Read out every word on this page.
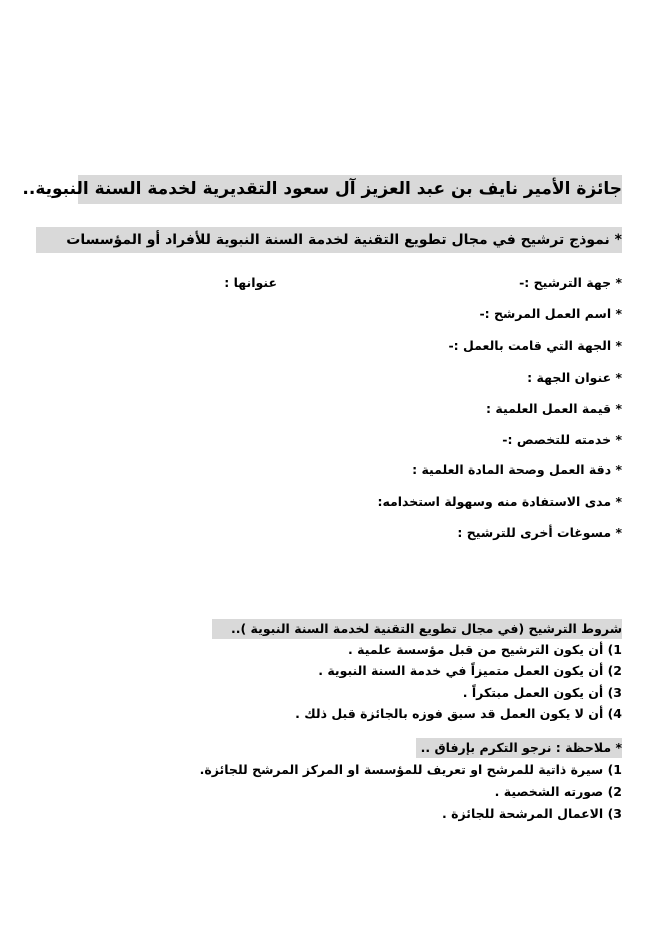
جائزة الأمير نايف بن عبد العزيز آل سعود التقديرية لخدمة السنة النبوية..
* نموذج ترشيح في مجال تطويع التقنية لخدمة السنة النبوية للأفراد أو المؤسسات
* جهة الترشيح :-
عنوانها :
* اسم العمل المرشح :-
* الجهة التي قامت بالعمل :-
* عنوان الجهة :
* قيمة العمل العلمية :
* خدمته للتخصص :-
* دقة العمل وصحة المادة العلمية :
* مدى الاستفادة منه وسهولة استخدامه:
* مسوغات أخرى للترشيح :
شروط الترشيح (في مجال تطويع التقنية لخدمة السنة النبوية )..
1) أن يكون الترشيح من قبل مؤسسة علمية .
2) أن يكون العمل متميزاً في خدمة السنة النبوية .
3) أن يكون العمل مبتكراً .
4) أن لا يكون العمل قد سبق فوزه بالجائزة قبل ذلك .
* ملاحظة : نرجو التكرم بإرفاق ..
1) سيرة ذاتية للمرشح او تعريف للمؤسسة او المركز المرشح للجائزة.
2) صورته الشخصية .
3) الاعمال المرشحة للجائزة .
